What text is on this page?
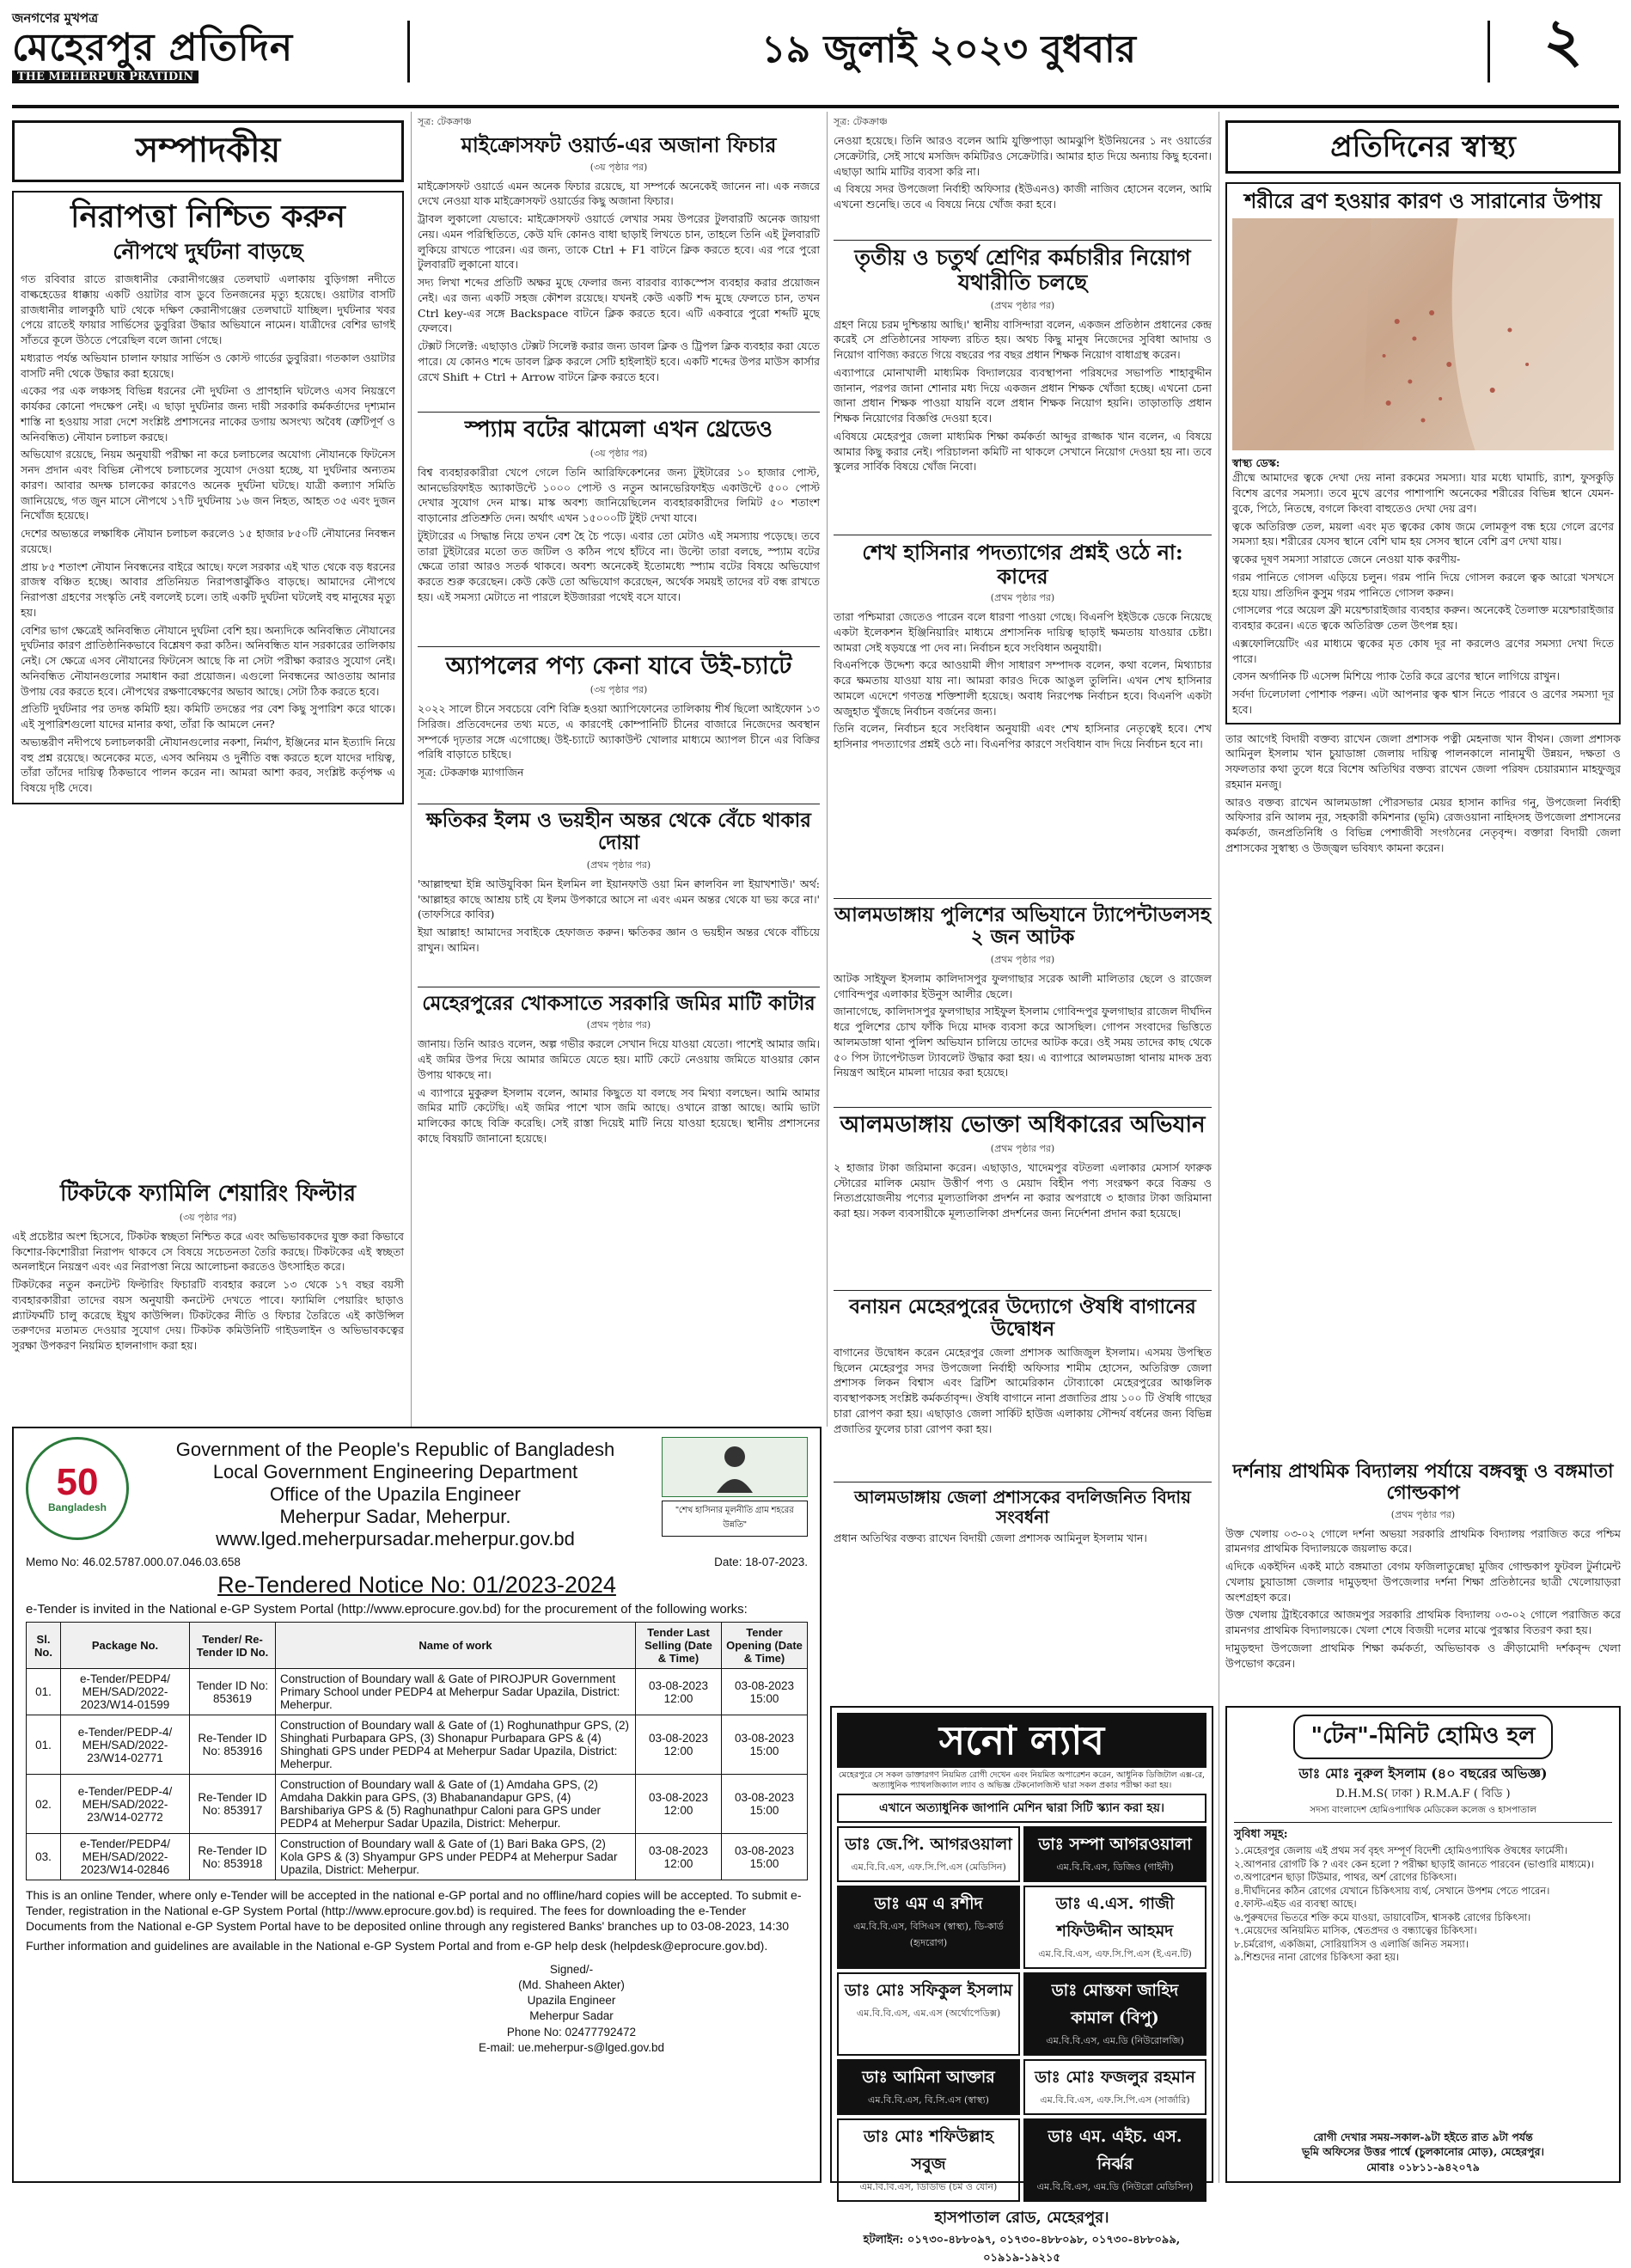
জনগণের মুখপত্র
মেহেরপুর প্রতিদিন
THE MEHERPUR PRATIDIN
১৯ জুলাই ২০২৩ বুধবার	২
সম্পাদকীয়
নিরাপত্তা নিশ্চিত করুন
নৌপথে দুর্ঘটনা বাড়ছে
গত রবিবার রাতে রাজধানীর কেরানীগঞ্জের তেলঘাট এলাকায় বুড়িগঙ্গা নদীতে বাল্কহেডের ধাক্কায় একটি ওয়াটার বাস ডুবে তিনজনের মৃত্যু হয়েছে। ওয়াটার বাসটি রাজধানীর লালকুঠি ঘাট থেকে দক্ষিণ কেরানীগঞ্জের তেলঘাটে যাচ্ছিল। দুর্ঘটনার খবর পেয়ে রাতেই ফায়ার সার্ভিসের ডুবুরিরা উদ্ধার অভিযানে নামেন। যাত্রীদের বেশির ভাগই সাঁতরে কূলে উঠতে পেরেছিল বলে জানা গেছে।
মধ্যরাত পর্যন্ত অভিযান চালান ফায়ার সার্ভিস ও কোস্ট গার্ডের ডুবুরিরা। গতকাল ওয়াটার বাসটি নদী থেকে উদ্ধার করা হয়েছে।
একের পর এক লঞ্চসহ বিভিন্ন ধরনের নৌ দুর্ঘটনা ও প্রাণহানি ঘটলেও এসব নিয়ন্ত্রণে কার্যকর কোনো পদক্ষেপ নেই। এ ছাড়া দুর্ঘটনার জন্য দায়ী সরকারি কর্মকর্তাদের দৃশ্যমান শাস্তি না হওয়ায় সারা দেশে সংশ্লিষ্ট প্রশাসনের নাকের ডগায় অসংখ্য অবৈধ (ত্রুটিপূর্ণ ও অনিবন্ধিত) নৌযান চলাচল করছে।
অভিযোগ রয়েছে, নিয়ম অনুযায়ী পরীক্ষা না করে চলাচলের অযোগ্য নৌযানকে ফিটনেস সনদ প্রদান এবং বিভিন্ন নৌপথে চলাচলের সুযোগ দেওয়া হচ্ছে, যা দুর্ঘটনার অন্যতম কারণ। আবার অদক্ষ চালকের কারণেও অনেক দুর্ঘটনা ঘটছে। যাত্রী কল্যাণ সমিতি জানিয়েছে, গত জুন মাসে নৌপথে ১৭টি দুর্ঘটনায় ১৬ জন নিহত, আহত ৩৫ এবং দুজন নিখোঁজ হয়েছে।
দেশের অভ্যন্তরে লক্ষাধিক নৌযান চলাচল করলেও ১৫ হাজার ৮৫০টি নৌযানের নিবন্ধন রয়েছে।
প্রায় ৮৫ শতাংশ নৌযান নিবন্ধনের বাইরে আছে। ফলে সরকার এই খাত থেকে বড় ধরনের রাজস্ব বঞ্চিত হচ্ছে। আবার প্রতিনিয়ত নিরাপত্তাঝুঁকিও বাড়ছে। আমাদের নৌপথে নিরাপত্তা গ্রহণের সংস্কৃতি নেই বললেই চলে। তাই একটি দুর্ঘটনা ঘটলেই বহু মানুষের মৃত্যু হয়।
বেশির ভাগ ক্ষেত্রেই অনিবন্ধিত নৌযানে দুর্ঘটনা বেশি হয়। অন্যদিকে অনিবন্ধিত নৌযানের দুর্ঘটনার কারণ প্রাতিষ্ঠানিকভাবে বিশ্লেষণ করা কঠিন। অনিবন্ধিত যান সরকারের তালিকায় নেই। সে ক্ষেত্রে এসব নৌযানের ফিটনেস আছে কি না সেটা পরীক্ষা করারও সুযোগ নেই। অনিবন্ধিত নৌযানগুলোর সমাধান করা প্রয়োজন। এগুলো নিবন্ধনের আওতায় আনার উপায় বের করতে হবে। নৌপথের রক্ষণাবেক্ষণের অভাব আছে। সেটা ঠিক করতে হবে।
প্রতিটি দুর্ঘটনার পর তদন্ত কমিটি হয়। কমিটি তদন্তের পর বেশ কিছু সুপারিশ করে থাকে। এই সুপারিশগুলো যাদের মানার কথা, তাঁরা কি আমলে নেন?
অভ্যন্তরীণ নদীপথে চলাচলকারী নৌযানগুলোর নকশা, নির্মাণ, ইঞ্জিনের মান ইত্যাদি নিয়ে বহু প্রশ্ন রয়েছে। অনেকের মতে, এসব অনিয়ম ও দুর্নীতি বন্ধ করতে হলে যাদের দায়িত্ব, তাঁরা তাঁদের দায়িত্ব ঠিকভাবে পালন করেন না। আমরা আশা করব, সংশ্লিষ্ট কর্তৃপক্ষ এ বিষয়ে দৃষ্টি দেবে।
টিকটকে ফ্যামিলি শেয়ারিং ফিল্টার
(৩য় পৃষ্ঠার পর)
এই প্রচেষ্টার অংশ হিসেবে, টিকটক স্বচ্ছতা নিশ্চিত করে এবং অভিভাবকদের যুক্ত করা কিভাবে কিশোর-কিশোরীরা নিরাপদ থাকবে সে বিষয়ে সচেতনতা তৈরি করছে। টিকটকের এই স্বচ্ছতা অনলাইনে নিয়ন্ত্রণ এবং এর নিরাপত্তা নিয়ে আলোচনা করতেও উৎসাহিত করে।
টিকটকের নতুন কনটেন্ট ফিল্টারিং ফিচারটি ব্যবহার করলে ১৩ থেকে ১৭ বছর বয়সী ব্যবহারকারীরা তাদের বয়স অনুযায়ী কনটেন্ট দেখতে পাবে। ফ্যামিলি পেয়ারিং ছাড়াও প্ল্যাটফর্মটি চালু করেছে ইয়ুথ কাউন্সিল। টিকটকের নীতি ও ফিচার তৈরিতে এই কাউন্সিল তরুণদের মতামত দেওয়ার সুযোগ দেয়। টিকটক কমিউনিটি গাইডলাইন ও অভিভাবকত্বের সুরক্ষা উপকরণ নিয়মিত হালনাগাদ করা হয়।
সূত্র: টেকক্রাঞ্চ
মাইক্রোসফট ওয়ার্ড-এর অজানা ফিচার
(৩য় পৃষ্ঠার পর)
মাইক্রোসফট ওয়ার্ডে এমন অনেক ফিচার রয়েছে, যা সম্পর্কে অনেকেই জানেন না। এক নজরে দেখে নেওয়া যাক মাইক্রোসফট ওয়ার্ডের কিছু অজানা ফিচার।
ট্রাবল লুকালো যেভাবে: মাইক্রোসফট ওয়ার্ডে লেখার সময় উপরের টুলবারটি অনেক জায়গা নেয়। এমন পরিস্থিতিতে, কেউ যদি কোনও বাধা ছাড়াই লিখতে চান, তাহলে তিনি এই টুলবারটি লুকিয়ে রাখতে পারেন। এর জন্য, তাকে Ctrl + F1 বাটনে ক্লিক করতে হবে। এর পরে পুরো টুলবারটি লুকানো যাবে।
সদ্য লিখা শব্দের প্রতিটি অক্ষর মুছে ফেলার জন্য বারবার ব্যাকস্পেস ব্যবহার করার প্রয়োজন নেই। এর জন্য একটি সহজ কৌশল রয়েছে। যখনই কেউ একটি শব্দ মুছে ফেলতে চান, তখন Ctrl key-এর সঙ্গে Backspace বাটনে ক্লিক করতে হবে। এটি একবারে পুরো শব্দটি মুছে ফেলবে।
টেক্সট সিলেক্ট: এছাড়াও টেক্সট সিলেক্ট করার জন্য ডাবল ক্লিক ও ট্রিপল ক্লিক ব্যবহার করা যেতে পারে। যে কোনও শব্দে ডাবল ক্লিক করলে সেটি হাইলাইট হবে। একটি শব্দের উপর মাউস কার্সার রেখে Shift + Ctrl + Arrow বাটনে ক্লিক করতে হবে।
স্প্যাম বটের ঝামেলা এখন থ্রেডেও
(৩য় পৃষ্ঠার পর)
বিশ্ব ব্যবহারকারীরা খেপে গেলে তিনি আরিফিকেশনের জন্য টুইটারের ১০ হাজার পোস্ট, আনভেরিফাইড অ্যাকাউন্টে ১০০০ পোস্ট ও নতুন আনভেরিফাইড একাউন্টে ৫০০ পোস্ট দেখার সুযোগ দেন মাস্ক। মাস্ক অবশ্য জানিয়েছিলেন ব্যবহারকারীদের লিমিট ৫০ শতাংশ বাড়ানোর প্রতিশ্রুতি দেন। অর্থাৎ এখন ১৫০০০টি টুইট দেখা যাবে।
টুইটারের এ সিদ্ধান্ত নিয়ে তখন বেশ হৈ চৈ পড়ে। এবার তো মেটাও এই সমস্যায় পড়েছে। তবে তারা টুইটারের মতো তত জটিল ও কঠিন পথে হাঁটবে না। উল্টো তারা বলছে, স্প্যাম বটের ক্ষেত্রে তারা আরও সতর্ক থাকবে। অবশ্য অনেকেই ইতোমধ্যে স্প্যাম বটের বিষয়ে অভিযোগ করতে শুরু করেছেন। কেউ কেউ তো অভিযোগ করেছেন, অর্থেক সময়ই তাদের বট বন্ধ রাখতে হয়। এই সমস্যা মেটাতে না পারলে ইউজাররা পথেই বসে যাবে।
অ্যাপলের পণ্য কেনা যাবে উই-চ্যাটে
(৩য় পৃষ্ঠার পর)
২০২২ সালে চীনে সবচেয়ে বেশি বিক্রি হওয়া অ্যাপিফোনের তালিকায় শীর্ষ ছিলো আইফোন ১৩ সিরিজ। প্রতিবেদনের তথ্য মতে, এ কারণেই কোম্পানিটি চীনের বাজারে নিজেদের অবস্থান সম্পর্কে দৃঢ়তার সঙ্গে এগোচ্ছে। উই-চ্যাটে অ্যাকাউন্ট খোলার মাধ্যমে অ্যাপল চীনে এর বিক্রির পরিধি বাড়াতে চাইছে।
সূত্র: টেকক্রাঞ্চ ম্যাগাজিন
ক্ষতিকর ইলম ও ভয়হীন অন্তর থেকে বেঁচে থাকার দোয়া
(প্রথম পৃষ্ঠার পর)
'আল্লাহুম্মা ইন্নি আউযুবিকা মিন ইলমিন লা ইয়ানফাউ ওয়া মিন ক্বালবিন লা ইয়াখশাউ।' অর্থ: 'আল্লাহর কাছে আশ্রয় চাই যে ইলম উপকারে আসে না এবং এমন অন্তর থেকে যা ভয় করে না।' (তাফসিরে কাবির)
ইয়া আল্লাহ! আমাদের সবাইকে হেফাজত করুন। ক্ষতিকর জ্ঞান ও ভয়হীন অন্তর থেকে বাঁচিয়ে রাখুন। আমিন।
মেহেরপুরের খোকসাতে সরকারি জমির মাটি কাটার
(প্রথম পৃষ্ঠার পর)
জানায়। তিনি আরও বলেন, অল্প গভীর করলে সেখান দিয়ে যাওয়া যেতো। পাশেই আমার জমি। এই জমির উপর দিয়ে আমার জমিতে যেতে হয়। মাটি কেটে নেওয়ায় জমিতে যাওয়ার কোন উপায় থাকছে না।
এ ব্যাপারে মুকুরুল ইসলাম বলেন, আমার কিছুতে যা বলছে সব মিথ্যা বলছেন। আমি আমার জমির মাটি কেটেছি। এই জমির পাশে খাস জমি আছে। ওখানে রাস্তা আছে। আমি ভাটা মালিকের কাছে বিক্রি করেছি। সেই রাস্তা দিয়েই মাটি নিয়ে যাওয়া হয়েছে। স্থানীয় প্রশাসনের কাছে বিষয়টি জানানো হয়েছে।
সূত্র: টেকক্রাঞ্চ
নেওয়া হয়েছে। তিনি আরও বলেন আমি যুক্তিপাড়া আমঝুপি ইউনিয়নের ১ নং ওয়ার্ডের সেক্রেটারি, সেই সাথে মসজিদ কমিটিরও সেক্রেটারি। আমার হাত দিয়ে অন্যায় কিছু হবেনা। এছাড়া আমি মাটির ব্যবসা করি না।
এ বিষয়ে সদর উপজেলা নির্বাহী অফিসার (ইউএনও) কাজী নাজিব হোসেন বলেন, আমি এখনো শুনেছি। তবে এ বিষয়ে নিয়ে খোঁজ করা হবে।
তৃতীয় ও চতুর্থ শ্রেণির কর্মচারীর নিয়োগ যথারীতি চলছে
(প্রথম পৃষ্ঠার পর)
গ্রহণ নিয়ে চরম দুশ্চিন্তায় আছি।' স্থানীয় বাসিন্দারা বলেন, একজন প্রতিষ্ঠান প্রধানের কেন্দ্র করেই সে প্রতিষ্ঠানের সাফল্য রচিত হয়। অথচ কিছু মানুষ নিজেদের সুবিধা আদায় ও নিয়োগ বাণিজ্য করতে গিয়ে বছরের পর বছর প্রধান শিক্ষক নিয়োগ বাধাগ্রস্থ করেন।
এব্যাপারে মোনাখালী মাধ্যমিক বিদ্যালয়ের ব্যবস্থাপনা পরিষদের সভাপতি শাহাবুদ্দীন জানান, পরপর জানা শোনার মধ্য দিয়ে একজন প্রধান শিক্ষক খোঁজা হচ্ছে। এখনো চেনা জানা প্রধান শিক্ষক পাওয়া যায়নি বলে প্রধান শিক্ষক নিয়োগ হয়নি। তাড়াতাড়ি প্রধান শিক্ষক নিয়োগের বিজ্ঞপ্তি দেওয়া হবে।
এবিষয়ে মেহেরপুর জেলা মাধ্যমিক শিক্ষা কর্মকর্তা আব্দুর রাজ্জাক খান বলেন, এ বিষয়ে আমার কিছু করার নেই। পরিচালনা কমিটি না থাকলে সেখানে নিয়োগ দেওয়া হয় না। তবে স্কুলের সার্বিক বিষয়ে খোঁজ নিবো।
শেখ হাসিনার পদত্যাগের প্রশ্নই ওঠে না: কাদের
(প্রথম পৃষ্ঠার পর)
তারা পশ্চিমারা জেতেও পারেন বলে ধারণা পাওয়া গেছে। বিএনপি ইইউকে ডেকে নিয়েছে একটা ইলেকশন ইঞ্জিনিয়ারিং মাধ্যমে প্রশাসনিক দায়িত্ব ছাড়াই ক্ষমতায় যাওয়ার চেষ্টা। আমরা সেই ষড়যন্ত্রে পা দেব না। নির্বাচন হবে সংবিধান অনুযায়ী।
বিএনপিকে উদ্দেশ্য করে আওয়ামী লীগ সাধারণ সম্পাদক বলেন, কথা বলেন, মিথ্যাচার করে ক্ষমতায় যাওয়া যায় না। আমরা কারও দিকে আঙুল তুলিনি। এখন শেখ হাসিনার আমলে এদেশে গণতন্ত্র শক্তিশালী হয়েছে। অবাধ নিরপেক্ষ নির্বাচন হবে। বিএনপি একটা অজুহাত খুঁজছে নির্বাচন বর্জনের জন্য।
তিনি বলেন, নির্বাচন হবে সংবিধান অনুযায়ী এবং শেখ হাসিনার নেতৃত্বেই হবে। শেখ হাসিনার পদত্যাগের প্রশ্নই ওঠে না। বিএনপির কারণে সংবিধান বাদ দিয়ে নির্বাচন হবে না।
আলমডাঙ্গায় পুলিশের অভিযানে ট্যাপেন্টাডলসহ ২ জন আটক
(প্রথম পৃষ্ঠার পর)
আটক সাইফুল ইসলাম কালিদাসপুর ফুলগাছার সরেক আলী মালিতার ছেলে ও রাজেল গোবিন্দপুর এলাকার ইউনুস আলীর ছেলে।
জানাগেছে, কালিদাসপুর ফুলগাছার সাইফুল ইসলাম গোবিন্দপুর ফুলগাছার রাজেল দীর্ঘদিন ধরে পুলিশের চোখ ফাঁকি দিয়ে মাদক ব্যবসা করে আসছিল। গোপন সংবাদের ভিত্তিতে আলমডাঙ্গা থানা পুলিশ অভিযান চালিয়ে তাদের আটক করে। ওই সময় তাদের কাছ থেকে ৫০ পিস ট্যাপেন্টাডল ট্যাবলেট উদ্ধার করা হয়। এ ব্যাপারে আলমডাঙ্গা থানায় মাদক দ্রব্য নিয়ন্ত্রণ আইনে মামলা দায়ের করা হয়েছে।
আলমডাঙ্গায় ভোক্তা অধিকারের অভিযান
(প্রথম পৃষ্ঠার পর)
২ হাজার টাকা জরিমানা করেন। এছাড়াও, খাদেমপুর বটতলা এলাকার মেসার্স ফারুক স্টোরের মালিক মেয়াদ উত্তীর্ণ পণ্য ও মেয়াদ বিহীন পণ্য সংরক্ষণ করে বিক্রয় ও নিত্যপ্রয়োজনীয় পণ্যের মূল্যতালিকা প্রদর্শন না করার অপরাধে ৩ হাজার টাকা জরিমানা করা হয়। সকল ব্যবসায়ীকে মূল্যতালিকা প্রদর্শনের জন্য নির্দেশনা প্রদান করা হয়েছে।
বনায়ন মেহেরপুরের উদ্যোগে ঔষধি বাগানের উদ্বোধন
বাগানের উদ্বোধন করেন মেহেরপুর জেলা প্রশাসক আজিজুল ইসলাম। এসময় উপস্থিত ছিলেন মেহেরপুর সদর উপজেলা নির্বাহী অফিসার শামীম হোসেন, অতিরিক্ত জেলা প্রশাসক লিকন বিশ্বাস এবং ব্রিটিশ আমেরিকান টোব্যাকো মেহেরপুরের আঞ্চলিক ব্যবস্থাপকসহ সংশ্লিষ্ট কর্মকর্তাবৃন্দ। ঔষধি বাগানে নানা প্রজাতির প্রায় ১০০ টি ঔষধি গাছের চারা রোপণ করা হয়। এছাড়াও জেলা সার্কিট হাউজ এলাকায় সৌন্দর্য বর্ধনের জন্য বিভিন্ন প্রজাতির ফুলের চারা রোপণ করা হয়।
আলমডাঙ্গায় জেলা প্রশাসকের বদলিজনিত বিদায় সংবর্ধনা
প্রধান অতিথির বক্তব্য রাখেন বিদায়ী জেলা প্রশাসক আমিনুল ইসলাম খান।
প্রতিদিনের স্বাস্থ্য
শরীরে ব্রণ হওয়ার কারণ ও সারানোর উপায়
স্বাস্থ্য ডেস্ক:
গ্রীষ্মে আমাদের ত্বকে দেখা দেয় নানা রকমের সমস্যা। যার মধ্যে ঘামাচি, র‍্যাশ, ফুসকুড়ি বিশেষ ব্রণের সমস্যা। তবে মুখে ব্রণের পাশাপাশি অনেকের শরীরের বিভিন্ন স্থানে যেমন- বুকে, পিঠে, নিতম্বে, বগলে কিংবা বাহুতেও দেখা দেয় ব্রণ।
ত্বকে অতিরিক্ত তেল, ময়লা এবং মৃত ত্বকের কোষ জমে লোমকূপ বন্ধ হয়ে গেলে ব্রণের সমস্যা হয়। শরীরের যেসব স্থানে বেশি ঘাম হয় সেসব স্থানে বেশি ব্রণ দেখা যায়।
ত্বকের দূষণ সমস্যা সারাতে জেনে নেওয়া যাক করণীয়-
গরম পানিতে গোসল এড়িয়ে চলুন। গরম পানি দিয়ে গোসল করলে ত্বক আরো খসখসে হয়ে যায়। প্রতিদিন কুসুম গরম পানিতে গোসল করুন।
গোসলের পরে অয়েল ফ্রী ময়েশ্চারাইজার ব্যবহার করুন। অনেকেই তৈলাক্ত ময়েশ্চারাইজার ব্যবহার করেন। এতে ত্বকে অতিরিক্ত তেল উৎপন্ন হয়।
এক্সফোলিয়েটিং এর মাধ্যমে ত্বকের মৃত কোষ দূর না করলেও ব্রণের সমস্যা দেখা দিতে পারে।
বেসন অর্গানিক টি এসেন্স মিশিয়ে প্যাক তৈরি করে ব্রণের স্থানে লাগিয়ে রাখুন।
সর্বদা ঢিলেঢালা পোশাক পরুন। এটা আপনার ত্বক শ্বাস নিতে পারবে ও ব্রণের সমস্যা দূর হবে।
তার আগেই বিদায়ী বক্তব্য রাখেন জেলা প্রশাসক পত্নী মেহনাজ খান বীথন। জেলা প্রশাসক আমিনুল ইসলাম খান চুয়াডাঙ্গা জেলায় দায়িত্ব পালনকালে নানামুখী উন্নয়ন, দক্ষতা ও সফলতার কথা তুলে ধরে বিশেষ অতিথির বক্তব্য রাখেন জেলা পরিষদ চেয়ারম্যান মাহফুজুর রহমান মনজু।
আরও বক্তব্য রাখেন আলমডাঙ্গা পৌরসভার মেয়র হাসান কাদির গনু, উপজেলা নির্বাহী অফিসার রনি আলম নূর, সহকারী কমিশনার (ভূমি) রেজওয়ানা নাহিদসহ উপজেলা প্রশাসনের কর্মকর্তা, জনপ্রতিনিধি ও বিভিন্ন পেশাজীবী সংগঠনের নেতৃবৃন্দ। বক্তারা বিদায়ী জেলা প্রশাসকের সুস্বাস্থ্য ও উজ্জ্বল ভবিষ্যৎ কামনা করেন।
দর্শনায় প্রাথমিক বিদ্যালয় পর্যায়ে বঙ্গবন্ধু ও বঙ্গমাতা গোল্ডকাপ
(প্রথম পৃষ্ঠার পর)
উক্ত খেলায় ০৩-০২ গোলে দর্শনা অভয়া সরকারি প্রাথমিক বিদ্যালয় পরাজিত করে পশ্চিম রামনগর প্রাথমিক বিদ্যালয়কে জয়লাভ করে।
এদিকে একইদিন একই মাঠে বঙ্গমাতা বেগম ফজিলাতুন্নেছা মুজিব গোল্ডকাপ ফুটবল টুর্নামেন্ট খেলায় চুয়াডাঙ্গা জেলার দামুড়হুদা উপজেলার দর্শনা শিক্ষা প্রতিষ্ঠানের ছাত্রী খেলোয়াড়রা অংশগ্রহণ করে।
উক্ত খেলায় ট্রাইবেকারে আজমপুর সরকারি প্রাথমিক বিদ্যালয় ০৩-০২ গোলে পরাজিত করে রামনগর প্রাথমিক বিদ্যালয়কে। খেলা শেষে বিজয়ী দলের মাঝে পুরস্কার বিতরণ করা হয়।
দামুড়হুদা উপজেলা প্রাথমিক শিক্ষা কর্মকর্তা, অভিভাবক ও ক্রীড়ামোদী দর্শকবৃন্দ খেলা উপভোগ করেন।
50
Bangladesh
Government of the People's Republic of Bangladesh
Local Government Engineering Department
Office of the Upazila Engineer
Meherpur Sadar, Meherpur.
www.lged.meherpursadar.meherpur.gov.bd
"শেখ হাসিনার মূলনীতি গ্রাম শহরের উন্নতি"
Memo No: 46.02.5787.000.07.046.03.658	Date: 18-07-2023.
Re-Tendered Notice No: 01/2023-2024
e-Tender is invited in the National e-GP System Portal (http://www.eprocure.gov.bd) for the procurement of the following works:
Sl. No.	Package No.	Tender/ Re-Tender ID No.	Name of work	Tender Last Selling (Date & Time)	Tender Opening (Date & Time)
01.	e-Tender/PEDP4/ MEH/SAD/2022-2023/W14-01599	Tender ID No: 853619	Construction of Boundary wall & Gate of PIROJPUR Government Primary School under PEDP4 at Meherpur Sadar Upazila, District: Meherpur.	03-08-2023 12:00	03-08-2023 15:00
01.	e-Tender/PEDP-4/ MEH/SAD/2022-23/W14-02771	Re-Tender ID No: 853916	Construction of Boundary wall & Gate of (1) Roghunathpur GPS, (2) Shinghati Purbapara GPS, (3) Shonapur Purbapara GPS & (4) Shinghati GPS under PEDP4 at Meherpur Sadar Upazila, District: Meherpur.	03-08-2023 12:00	03-08-2023 15:00
02.	e-Tender/PEDP-4/ MEH/SAD/2022-23/W14-02772	Re-Tender ID No: 853917	Construction of Boundary wall & Gate of (1) Amdaha GPS, (2) Amdaha Dakkin para GPS, (3) Bhabanandapur GPS, (4) Barshibariya GPS & (5) Raghunathpur Caloni para GPS under PEDP4 at Meherpur Sadar Upazila, District: Meherpur.	03-08-2023 12:00	03-08-2023 15:00
03.	e-Tender/PEDP4/ MEH/SAD/2022-2023/W14-02846	Re-Tender ID No: 853918	Construction of Boundary wall & Gate of (1) Bari Baka GPS, (2) Kola GPS & (3) Shyampur GPS under PEDP4 at Meherpur Sadar Upazila, District: Meherpur.	03-08-2023 12:00	03-08-2023 15:00
This is an online Tender, where only e-Tender will be accepted in the national e-GP portal and no offline/hard copies will be accepted. To submit e-Tender, registration in the National e-GP System Portal (http://www.eprocure.gov.bd) is required. The fees for downloading the e-Tender Documents from the National e-GP System Portal have to be deposited online through any registered Banks' branches up to 03-08-2023, 14:30
Further information and guidelines are available in the National e-GP System Portal and from e-GP help desk (helpdesk@eprocure.gov.bd).
Signed/-
(Md. Shaheen Akter)
Upazila Engineer
Meherpur Sadar
Phone No: 02477792472
E-mail: ue.meherpur-s@lged.gov.bd
সনো ল্যাব
মেহেরপুরে সে সকল ডাক্তারগণ নিয়মিত রোগী দেখেন এবং নিয়মিত অপারেশন করেন, আধুনিক ডিজিটাল এক্স-রে, অত্যাধুনিক প্যাথলজিক্যাল ল্যাব ও অভিজ্ঞ টেকনোলজিস্ট দ্বারা সকল প্রকার পরীক্ষা করা হয়।
এখানে অত্যাধুনিক জাপানি মেশিন দ্বারা সিটি স্ক্যান করা হয়।
ডাঃ জে.পি. আগরওয়ালা
এম.বি.বি.এস, এফ.সি.পি.এস (মেডিসিন)
ডাঃ সম্পা আগরওয়ালা
এম.বি.বি.এস, ডিজিও (গাইনী)
ডাঃ এম এ রশীদ
এম.বি.বি.এস, বিসিএস (স্বাস্থ্য), ডি-কার্ড (হৃদরোগ)
ডাঃ এ.এস. গাজী শফিউদ্দীন আহমদ
এম.বি.বি.এস, এফ.সি.পি.এস (ই.এন.টি)
ডাঃ মোঃ সফিকুল ইসলাম
এম.বি.বি.এস, এম.এস (অর্থোপেডিক্স)
ডাঃ মোস্তফা জাহিদ কামাল (বিপু)
এম.বি.বি.এস, এম.ডি (নিউরোলজি)
ডাঃ আমিনা আক্তার
এম.বি.বি.এস, বি.সি.এস (স্বাস্থ্য)
ডাঃ মোঃ ফজলুর রহমান
এম.বি.বি.এস, এফ.সি.পি.এস (সার্জারি)
ডাঃ মোঃ শফিউল্লাহ সবুজ
এম.বি.বি.এস, ডিডিভি (চর্ম ও যৌন)
ডাঃ এম. এইচ. এস. নির্ঝর
এম.বি.বি.এস, এম.ডি (নিউরো মেডিসিন)
হাসপাতাল রোড, মেহেরপুর।
হটলাইন: ০১৭৩০-৪৮৮০৯৭, ০১৭৩০-৪৮৮০৯৮, ০১৭৩০-৪৮৮০৯৯, ০১৯১৯-১৯২১৫
"টেন"-মিনিট হোমিও হল
ডাঃ মোঃ নুরুল ইসলাম (৪০ বছরের অভিজ্ঞ)
D.H.M.S( ঢাকা ) R.M.A.F ( বিডি )
সদস্য বাংলাদেশ হোমিওপ্যাথিক মেডিকেল কলেজ ও হাসপাতাল
সুবিধা সমূহ:
১.মেহেরপুর জেলায় এই প্রথম সর্ব বৃহৎ সম্পূর্ণ বিদেশী হোমিওপ্যাথিক ঔষধের ফার্মেসী।
২.আপনার রোগটি কি ? এবং কেন হলো ? পরীক্ষা ছাড়াই জানতে পারবেন (ভাণ্ডারি মাধ্যমে)।
৩.অপারেশন ছাড়া টিউমার, পাথর, অর্শ রোগের চিকিৎসা।
৪.দীর্ঘদিনের কঠিন রোগের যেখানে চিকিৎসায় ব্যর্থ, সেখানে উপশম পেতে পারেন।
৫.ফাস্ট-এইড এর ব্যবস্থা আছে।
৬.পুরুষদের ভিতরে শক্তি কমে যাওয়া, ডায়াবেটিস, শ্বাসকষ্ট রোগের চিকিৎসা।
৭.মেয়েদের অনিয়মিত মাসিক, শ্বেতপ্রদর ও বন্ধ্যাত্বের চিকিৎসা।
৮.চর্মরোগ, একজিমা, সোরিয়াসিস ও এলার্জি জনিত সমস্যা।
৯.শিশুদের নানা রোগের চিকিৎসা করা হয়।
রোগী দেখার সময়-সকাল-৯টা হইতে রাত ৯টা পর্যন্ত
ভূমি অফিসের উত্তর পার্শ্বে (চুলকানোর মোড়), মেহেরপুর।
মোবাঃ ০১৮১১-৯৪২০৭৯
